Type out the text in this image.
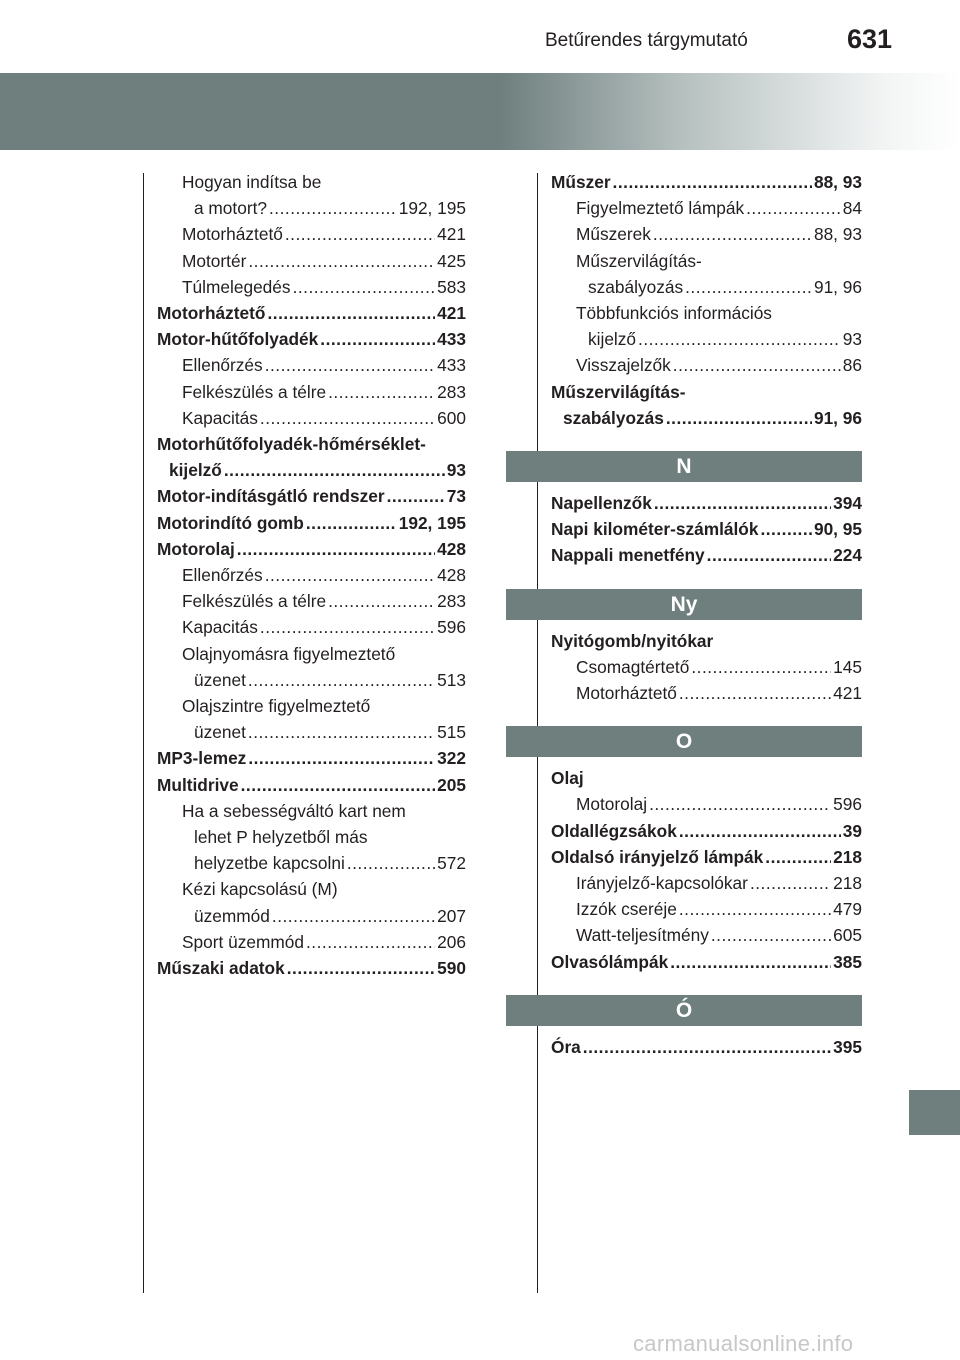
Betűrendes tárgymutató	631
Hogyan indítsa be
a motort? .....	192, 195
Motorháztető .....	421
Motortér .....	425
Túlmelegedés .....	583
Motorháztető .....	421
Motor-hűtőfolyadék .....	433
Ellenőrzés .....	433
Felkészülés a télre .....	283
Kapacitás .....	600
Motorhűtőfolyadék-hőmérséklet-
kijelző .....	93
Motor-indításgátló rendszer .....	73
Motorindító gomb .....	192, 195
Motorolaj .....	428
Ellenőrzés .....	428
Felkészülés a télre .....	283
Kapacitás .....	596
Olajnyomásra figyelmeztető
üzenet .....	513
Olajszintre figyelmeztető
üzenet .....	515
MP3-lemez .....	322
Multidrive .....	205
Ha a sebességváltó kart nem
lehet P helyzetből más
helyzetbe kapcsolni .....	572
Kézi kapcsolású (M)
üzemmód .....	207
Sport üzemmód .....	206
Műszaki adatok .....	590
Műszer .....	88, 93
Figyelmeztető lámpák .....	84
Műszerek .....	88, 93
Műszervilágítás-
szabályozás .....	91, 96
Többfunkciós információs
kijelző .....	93
Visszajelzők .....	86
Műszervilágítás-
szabályozás .....	91, 96
N
Napellenzők .....	394
Napi kilométer-számlálók .....	90, 95
Nappali menetfény .....	224
Ny
Nyitógomb/nyitókar
Csomagtértető .....	145
Motorháztető .....	421
O
Olaj
Motorolaj .....	596
Oldallégzsákok .....	39
Oldalsó irányjelző lámpák .....	218
Irányjelző-kapcsolókar .....	218
Izzók cseréje .....	479
Watt-teljesítmény .....	605
Olvasólámpák .....	385
Ó
Óra .....	395
carmanualsonline.info
